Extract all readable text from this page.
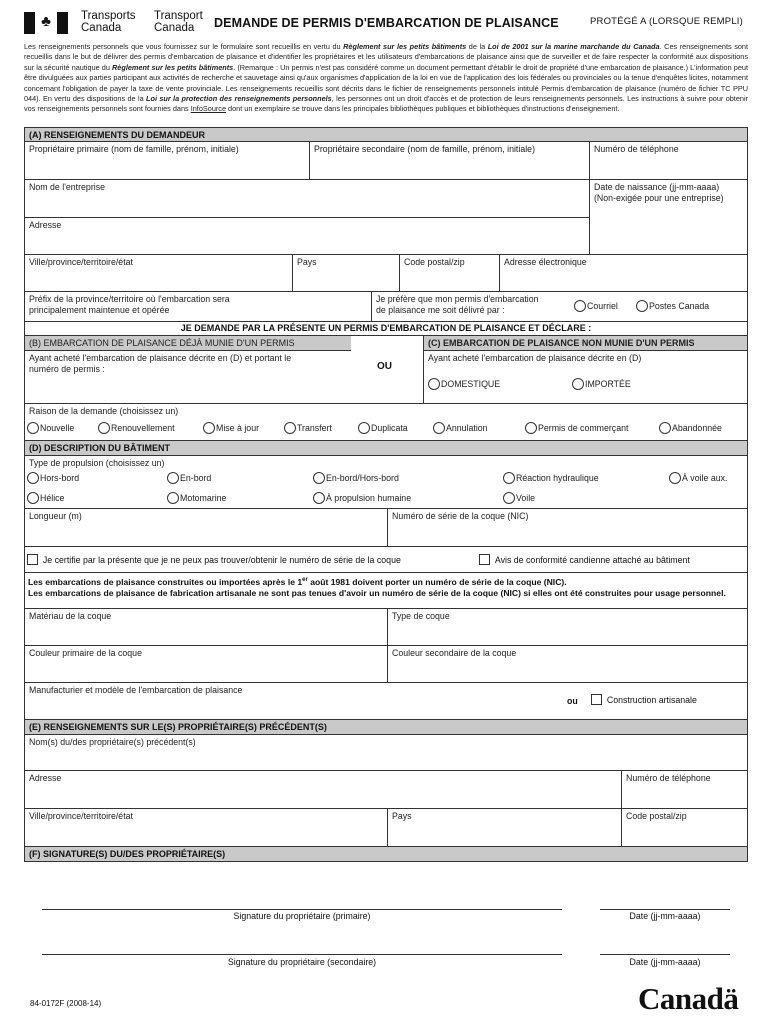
♣	Transports
Canada
Transport
Canada	DEMANDE DE PERMIS D'EMBARCATION DE PLAISANCE	PROTÉGÉ A (LORSQUE REMPLI)
Les renseignements personnels que vous fournissez sur le formulaire sont recueillis en vertu du Règlement sur les petits bâtiments de la Loi de 2001 sur la marine marchande du Canada. Ces renseignements sont recueillis dans le but de délivrer des permis d'embarcation de plaisance et d'identifier les propriétaires et les utilisateurs d'embarcations de plaisance ainsi que de surveiller et de faire respecter la conformité aux dispositions sur la sécurité nautique du Règlement sur les petits bâtiments. (Remarque : Un permis n'est pas considéré comme un document permettant d'établir le droit de propriété d'une embarcation de plaisance.) L'information peut être divulguées aux parties participant aux activités de recherche et sauvetage ainsi qu'aux organismes d'application de la loi en vue de l'application des lois fédérales ou provinciales ou la tenue d'enquêtes licites, notamment concernant l'obligation de payer la taxe de vente provinciale. Les renseignements recueillis sont décrits dans le fichier de renseignements personnels intitulé Permis d'embarcation de plaisance (numéro de fichier TC PPU 044). En vertu des dispositions de la Loi sur la protection des renseignements personnels, les personnes ont un droit d'accès et de protection de leurs renseignements personnels. Les instructions à suivre pour obtenir vos renseignements personnels sont fournies dans InfoSource dont un exemplaire se trouve dans les principales bibliothèques publiques et bibliothèques d'instructions d'enseignement.
(A) RENSEIGNEMENTS DU DEMANDEUR
Propriétaire primaire (nom de famille, prénom, initiale)	Propriétaire secondaire (nom de famille, prénom, initiale)	Numéro de téléphone
Nom de l'entreprise	Date de naissance (jj-mm-aaaa)
(Non-exigée pour une entreprise)
Adresse
Ville/province/territoire/état	Pays	Code postal/zip	Adresse électronique
Préfix de la province/territoire où l'embarcation sera
principalement maintenue et opérée
Je préfère que mon permis d'embarcation
de plaisance me soit délivré par :	Courriel	Postes Canada
JE DEMANDE PAR LA PRÉSENTE UN PERMIS D'EMBARCATION DE PLAISANCE ET DÉCLARE :
(B) EMBARCATION DE PLAISANCE DÉJÀ MUNIE D'UN PERMIS
Ayant acheté l'embarcation de plaisance décrite en (D) et portant le
numéro de permis :	OU
(C) EMBARCATION DE PLAISANCE NON MUNIE D'UN PERMIS
Ayant acheté l'embarcation de plaisance décrite en (D)
DOMESTIQUE	IMPORTÉE
Raison de la demande (choisissez un)
Nouvelle	Renouvellement	Mise à jour	Transfert	Duplicata	Annulation	Permis de commerçant	Abandonnée
(D) DESCRIPTION DU BÂTIMENT
Type de propulsion (choisissez un)
Hors-bord	En-bord	En-bord/Hors-bord	Réaction hydraulique	À voile aux.
Hélice	Motomarine	À propulsion humaine	Voile
Longueur (m)	Numéro de série de la coque (NIC)
Je certifie par la présente que je ne peux pas trouver/obtenir le numéro de série de la coque	Avis de conformité candienne attaché au bâtiment
Les embarcations de plaisance construites ou importées après le 1er août 1981 doivent porter un numéro de série de la coque (NIC).
Les embarcations de plaisance de fabrication artisanale ne sont pas tenues d'avoir un numéro de série de la coque (NIC) si elles ont été construites pour usage personnel.
Matériau de la coque	Type de coque
Couleur primaire de la coque	Couleur secondaire de la coque
Manufacturier et modèle de l'embarcation de plaisance
ou	Construction artisanale
(E) RENSEIGNEMENTS SUR LE(S) PROPRIÉTAIRE(S) PRÉCÉDENT(S)
Nom(s) du/des propriétaire(s) précédent(s)
Adresse	Numéro de téléphone
Ville/province/territoire/état	Pays	Code postal/zip
(F) SIGNATURE(S) DU/DES PROPRIÉTAIRE(S)
Signature du propriétaire (primaire)	Date (jj-mm-aaaa)
Signature du propriétaire (secondaire)	Date (jj-mm-aaaa)
84-0172F (2008-14)	Canadä
